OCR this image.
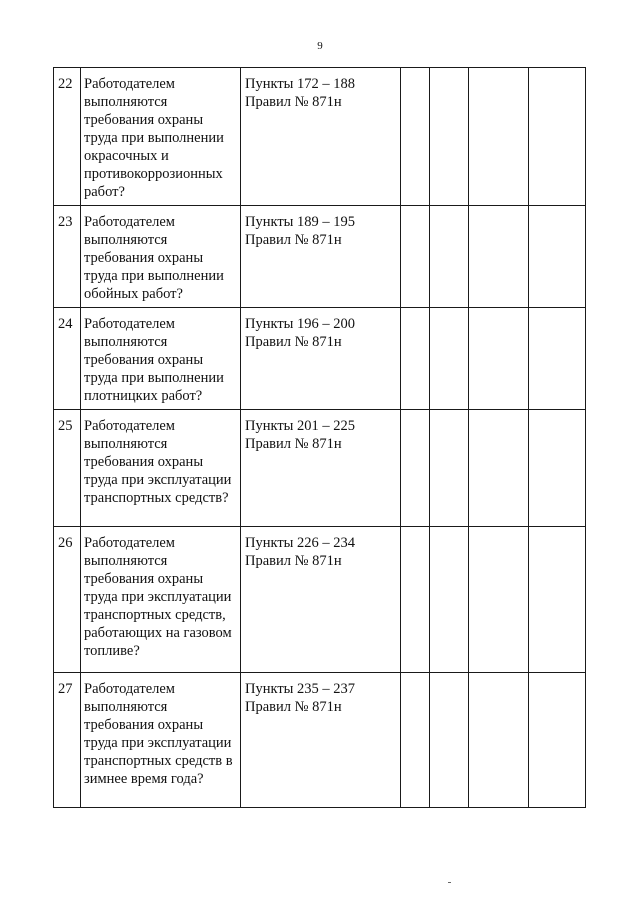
9
22	Работодателем выполняются требования охраны труда при выполнении окрасочных и противокоррозионных работ?	Пункты 172 – 188
Правил № 871н				
23	Работодателем выполняются требования охраны труда при выполнении обойных работ?	Пункты 189 – 195
Правил № 871н				
24	Работодателем выполняются требования охраны труда при выполнении плотницких работ?	Пункты 196 – 200
Правил № 871н				
25	Работодателем выполняются требования охраны труда при эксплуатации транспортных средств?	Пункты 201 – 225
Правил № 871н				
26	Работодателем выполняются требования охраны труда при эксплуатации транспортных средств, работающих на газовом топливе?	Пункты 226 – 234
Правил № 871н				
27	Работодателем выполняются требования охраны труда при эксплуатации транспортных средств в зимнее время года?	Пункты 235 – 237
Правил № 871н				
